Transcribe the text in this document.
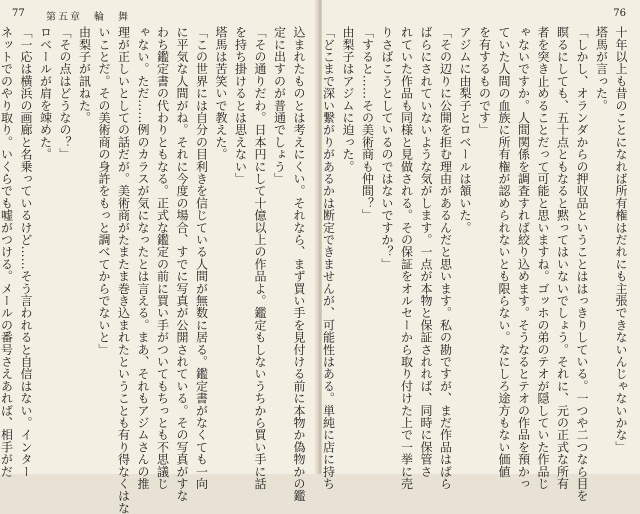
77 第五章　輪　舞
込まれたものとは考えにくい。それなら、まず買い手を見付ける前に本物か偽物かの鑑
定に出すのが普通でしょう」
「その通りだわ。日本円にして十億以上の作品よ。鑑定もしないうちから買い手に話
を持ち掛けるとは思えない」
塔馬は苦笑いで教えた。
「この世界には自分の目利きを信じている人間が無数に居る。鑑定書がなくても一向
に平気な人間がね。それに今度の場合、すでに写真が公開されている。その写真がすな
わち鑑定書の代わりともなる。正式な鑑定の前に買い手がついてもちっとも不思議じ
ゃない。ただ……例のカラスが気になったとは言える。まあ、それもアジムさんの推
理が正しいとしての話だが。美術商がたまたま巻き込まれたということも有り得なくはな
いことだ。その美術商の身許をもっと調べてからでないと」
由梨子が訊ねた。
「その点はどうなの？」
ロベールが肩を竦めた。
「一応は横浜の画廊と名乗っているけど……そう言われると自信はない。インター
ネットでのやり取り。いくらでも嘘がつける。メールの番号さえあれば、相手がだ
76
十年以上も昔のことになれば所有権はだれにも主張できないんじゃないかな」
塔馬が言った。
「しかし、オランダからの押収品ということははっきりしている。一つや二つなら目を
瞑るにしても、五十点ともなると黙ってはいないでしょう。それに、元の正式な所有
者を突き止めることだって可能と思いますね。ゴッホの弟のテオが隠していた作品じ
ゃないですか。人間関係を調査すれば絞り込めます。そうなるとテオの作品を預かっ
ていた人間の血族に所有権が認められないとも限らない。なにしろ途方もない価値
を有するものです」
アジムに由梨子とロベールは頷いた。
「その辺りに公開を拒む理由があるんだと思います。私の勘ですが、まだ作品はばら
ばらにされていないような気がします。一点が本物と保証されれば、同時に保管さ
れていた作品も同様と見做される。その保証をオルセーから取り付けた上で一挙に売
りさばこうとしているのではないですか？」
「すると……その美術商も仲間？」
由梨子はアジムに迫った。
「どこまで深い繋がりがあるかは断定できませんが、可能性はある。単純に店に持ち
